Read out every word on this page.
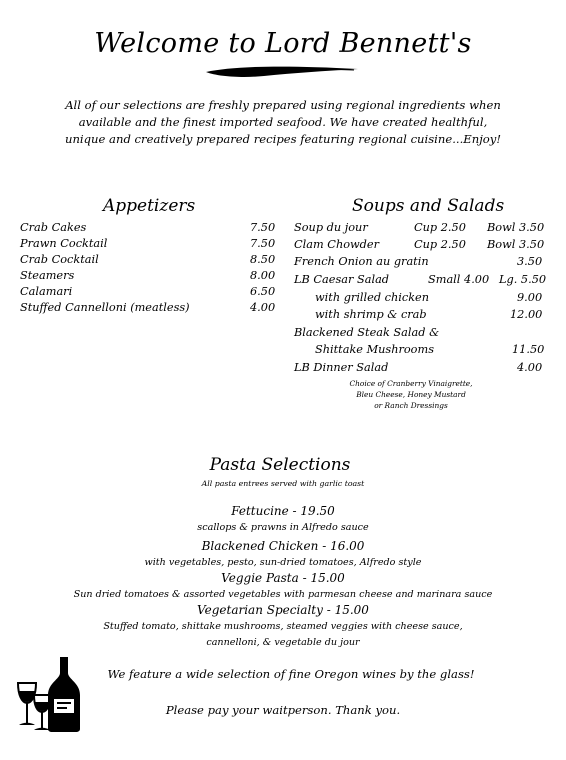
Welcome to Lord Bennett's
All of our selections are freshly prepared using regional ingredients when
available and the finest imported seafood. We have created healthful,
unique and creatively prepared recipes featuring regional cuisine...Enjoy!
Appetizers
Crab Cakes	7.50
Prawn Cocktail	7.50
Crab Cocktail	8.50
Steamers	8.00
Calamari	6.50
Stuffed Cannelloni (meatless)	4.00
Soups and Salads
Soup du jour	Cup 2.50 Bowl 3.50
Clam Chowder	Cup 2.50 Bowl 3.50
French Onion au gratin	3.50
LB Caesar Salad	Small 4.00 Lg. 5.50
with grilled chicken	9.00
with shrimp & crab	12.00
Blackened Steak Salad &
Shittake Mushrooms	11.50
LB Dinner Salad	4.00
Choice of Cranberry Vinaigrette,
Bleu Cheese, Honey Mustard
or Ranch Dressings
Pasta Selections
All pasta entrees served with garlic toast
Fettucine - 19.50
scallops & prawns in Alfredo sauce
Blackened Chicken - 16.00
with vegetables, pesto, sun-dried tomatoes, Alfredo style
Veggie Pasta - 15.00
Sun dried tomatoes & assorted vegetables with parmesan cheese and marinara sauce
Vegetarian Specialty - 15.00
Stuffed tomato, shittake mushrooms, steamed veggies with cheese sauce,
cannelloni, & vegetable du jour
We feature a wide selection of fine Oregon wines by the glass!
Please pay your waitperson. Thank you.
